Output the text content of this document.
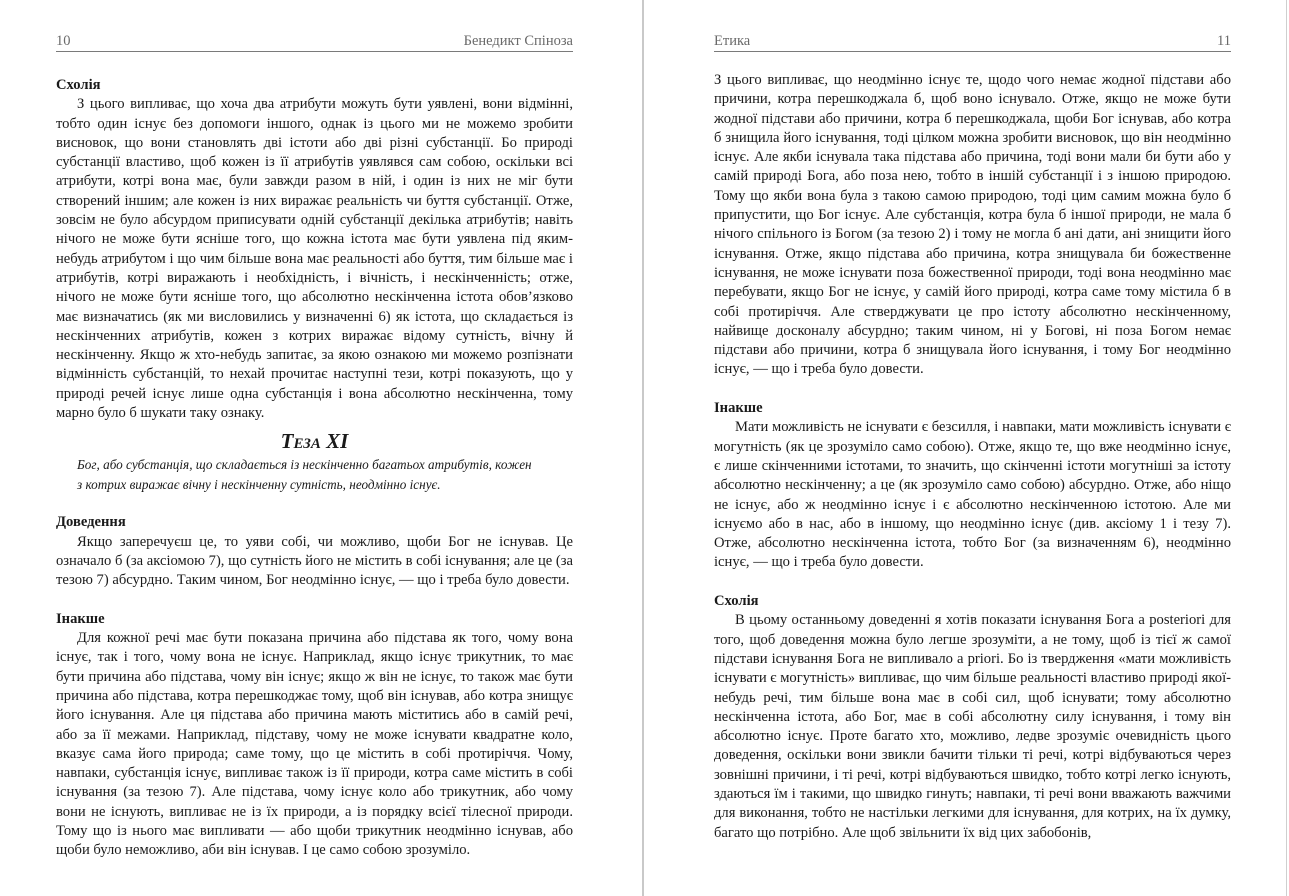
10	Бенедикт Спіноза
Схолія

З цього випливає, що хоча два атрибути можуть бути уявлені, вони відмінні, тобто один існує без допомоги іншого, однак із цього ми не можемо зробити висновок, що вони становлять дві істоти або дві різні субстанції. Бо природі субстанції властиво, щоб кожен із її атрибутів уявлявся сам собою, оскільки всі атрибути, котрі вона має, були завжди разом в ній, і один із них не міг бути створений іншим; але кожен із них виражає реальність чи буття субстанції. Отже, зовсім не було абсурдом приписувати одній субстанції декілька атрибутів; навіть нічого не може бути ясніше того, що кожна істота має бути уявлена під яким-небудь атрибутом і що чим більше вона має реальності або буття, тим більше має і атрибутів, котрі виражають і необхідність, і вічність, і нескінченність; отже, нічого не може бути ясніше того, що абсолютно нескінченна істота обов’язково має визначатись (як ми висловились у визначенні 6) як істота, що складається із нескінченних атрибутів, кожен з котрих виражає відому сутність, вічну й нескінченну. Якщо ж хто-небудь запитає, за якою ознакою ми можемо розпізнати відмінність субстанцій, то нехай прочитає наступні тези, котрі показують, що у природі речей існує лише одна субстанція і вона абсолютно нескінченна, тому марно було б шукати таку ознаку.

Теза XI
Бог, або субстанція, що складається із нескінченно багатьох атрибутів, кожен
з котрих виражає вічну і нескінченну сутність, неодмінно існує.
Доведення

Якщо заперечуєш це, то уяви собі, чи можливо, щоби Бог не існував. Це означало б (за аксіомою 7), що сутність його не містить в собі існування; але це (за тезою 7) абсурдно. Таким чином, Бог неодмінно існує, — що і треба було довести.

Інакше

Для кожної речі має бути показана причина або підстава як того, чому вона існує, так і того, чому вона не існує. Наприклад, якщо існує трикутник, то має бути причина або підстава, чому він існує; якщо ж він не існує, то також має бути причина або підстава, котра перешкоджає тому, щоб він існував, або котра знищує його існування. Але ця підстава або причина мають міститись або в самій речі, або за її межами. Наприклад, підставу, чому не може існувати квадратне коло, вказує сама його природа; саме тому, що це містить в собі протиріччя. Чому, навпаки, субстанція існує, випливає також із її природи, котра саме містить в собі існування (за тезою 7). Але підстава, чому існує коло або трикутник, або чому вони не існують, випливає не із їх природи, а із порядку всієї тілесної природи. Тому що із нього має випливати — або щоби трикутник неодмінно існував, або щоби було неможливо, аби він існував. І це само собою зрозуміло.

Етика	11

З цього випливає, що неодмінно існує те, щодо чого немає жодної підстави або причини, котра перешкоджала б, щоб воно існувало. Отже, якщо не може бути жодної підстави або причини, котра б перешкоджала, щоби Бог існував, або котра б знищила його існування, тоді цілком можна зробити висновок, що він неодмінно існує. Але якби існувала така підстава або причина, тоді вони мали би бути або у самій природі Бога, або поза нею, тобто в іншій субстанції і з іншою природою. Тому що якби вона була з такою самою природою, тоді цим самим можна було б припустити, що Бог існує. Але субстанція, котра була б іншої природи, не мала б нічого спільного із Богом (за тезою 2) і тому не могла б ані дати, ані знищити його існування. Отже, якщо підстава або причина, котра знищувала би божественне існування, не може існувати поза божественної природи, тоді вона неодмінно має перебувати, якщо Бог не існує, у самій його природі, котра саме тому містила б в собі протиріччя. Але стверджувати це про істоту абсолютно нескінченному, найвище досконалу абсурдно; таким чином, ні у Богові, ні поза Богом немає підстави або причини, котра б знищувала його існування, і тому Бог неодмінно існує, — що і треба було довести.

Інакше

Мати можливість не існувати є безсилля, і навпаки, мати можливість існувати є могутність (як це зрозуміло само собою). Отже, якщо те, що вже неодмінно існує, є лише скінченними істотами, то значить, що скінченні істоти могутніші за істоту абсолютно нескінченну; а це (як зрозуміло само собою) абсурдно. Отже, або ніщо не існує, або ж неодмінно існує і є абсолютно нескінченною істотою. Але ми існуємо або в нас, або в іншому, що неодмінно існує (див. аксіому 1 і тезу 7). Отже, абсолютно нескінченна істота, тобто Бог (за визначенням 6), неодмінно існує, — що і треба було довести.

Схолія

В цьому останньому доведенні я хотів показати існування Бога a posteriori для того, щоб доведення можна було легше зрозуміти, а не тому, щоб із тієї ж самої підстави існування Бога не випливало a priori. Бо із твердження «мати можливість існувати є могутність» випливає, що чим більше реальності властиво природі якої-небудь речі, тим більше вона має в собі сил, щоб існувати; тому абсолютно нескінченна істота, або Бог, має в собі абсолютну силу існування, і тому він абсолютно існує. Проте багато хто, можливо, ледве зрозуміє очевидність цього доведення, оскільки вони звикли бачити тільки ті речі, котрі відбуваються через зовнішні причини, і ті речі, котрі відбуваються швидко, тобто котрі легко існують, здаються їм і такими, що швидко гинуть; навпаки, ті речі вони вважають важчими для виконання, тобто не настільки легкими для існування, для котрих, на їх думку, багато що потрібно. Але щоб звільнити їх від цих забобонів,
